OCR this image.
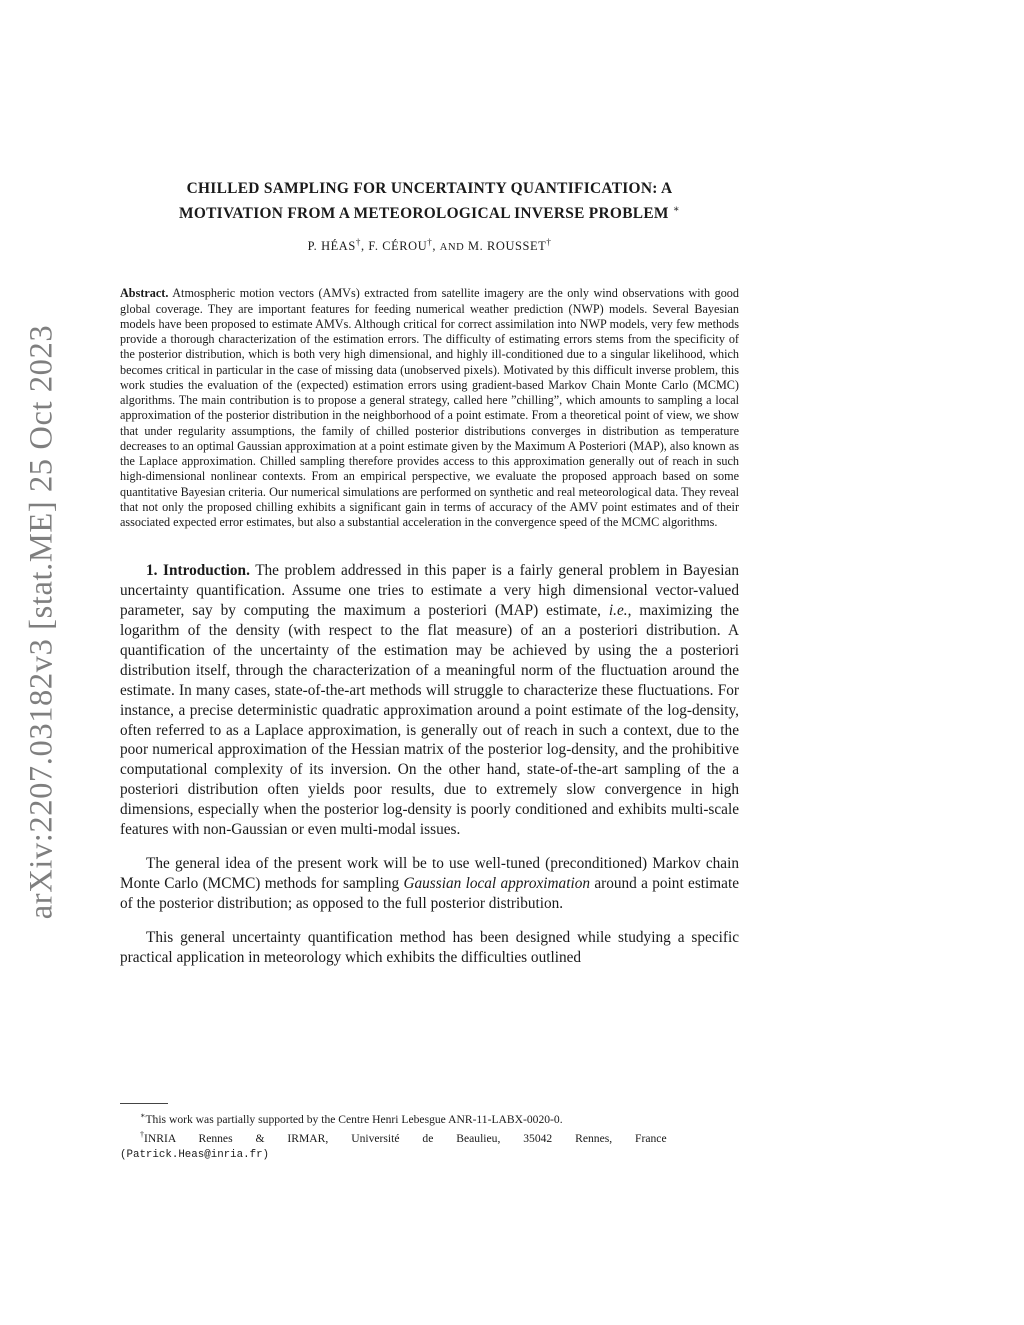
arXiv:2207.03182v3 [stat.ME] 25 Oct 2023
CHILLED SAMPLING FOR UNCERTAINTY QUANTIFICATION: A
MOTIVATION FROM A METEOROLOGICAL INVERSE PROBLEM ∗
P. HÉAS†, F. CÉROU†, AND M. ROUSSET†
Abstract. Atmospheric motion vectors (AMVs) extracted from satellite imagery are the only wind observations with good global coverage. They are important features for feeding numerical weather prediction (NWP) models. Several Bayesian models have been proposed to estimate AMVs. Although critical for correct assimilation into NWP models, very few methods provide a thorough characterization of the estimation errors. The difficulty of estimating errors stems from the specificity of the posterior distribution, which is both very high dimensional, and highly ill-conditioned due to a singular likelihood, which becomes critical in particular in the case of missing data (unobserved pixels). Motivated by this difficult inverse problem, this work studies the evaluation of the (expected) estimation errors using gradient-based Markov Chain Monte Carlo (MCMC) algorithms. The main contribution is to propose a general strategy, called here ”chilling”, which amounts to sampling a local approximation of the posterior distribution in the neighborhood of a point estimate. From a theoretical point of view, we show that under regularity assumptions, the family of chilled posterior distributions converges in distribution as temperature decreases to an optimal Gaussian approximation at a point estimate given by the Maximum A Posteriori (MAP), also known as the Laplace approximation. Chilled sampling therefore provides access to this approximation generally out of reach in such high-dimensional nonlinear contexts. From an empirical perspective, we evaluate the proposed approach based on some quantitative Bayesian criteria. Our numerical simulations are performed on synthetic and real meteorological data. They reveal that not only the proposed chilling exhibits a significant gain in terms of accuracy of the AMV point estimates and of their associated expected error estimates, but also a substantial acceleration in the convergence speed of the MCMC algorithms.
1. Introduction. The problem addressed in this paper is a fairly general problem in Bayesian uncertainty quantification. Assume one tries to estimate a very high dimensional vector-valued parameter, say by computing the maximum a posteriori (MAP) estimate, i.e., maximizing the logarithm of the density (with respect to the flat measure) of an a posteriori distribution. A quantification of the uncertainty of the estimation may be achieved by using the a posteriori distribution itself, through the characterization of a meaningful norm of the fluctuation around the estimate. In many cases, state-of-the-art methods will struggle to characterize these fluctuations. For instance, a precise deterministic quadratic approximation around a point estimate of the log-density, often referred to as a Laplace approximation, is generally out of reach in such a context, due to the poor numerical approximation of the Hessian matrix of the posterior log-density, and the prohibitive computational complexity of its inversion. On the other hand, state-of-the-art sampling of the a posteriori distribution often yields poor results, due to extremely slow convergence in high dimensions, especially when the posterior log-density is poorly conditioned and exhibits multi-scale features with non-Gaussian or even multi-modal issues.
The general idea of the present work will be to use well-tuned (preconditioned) Markov chain Monte Carlo (MCMC) methods for sampling Gaussian local approximation around a point estimate of the posterior distribution; as opposed to the full posterior distribution.
This general uncertainty quantification method has been designed while studying a specific practical application in meteorology which exhibits the difficulties outlined
∗This work was partially supported by the Centre Henri Lebesgue ANR-11-LABX-0020-0.
†INRIA Rennes & IRMAR, Université de Beaulieu, 35042 Rennes, France
(Patrick.Heas@inria.fr)
